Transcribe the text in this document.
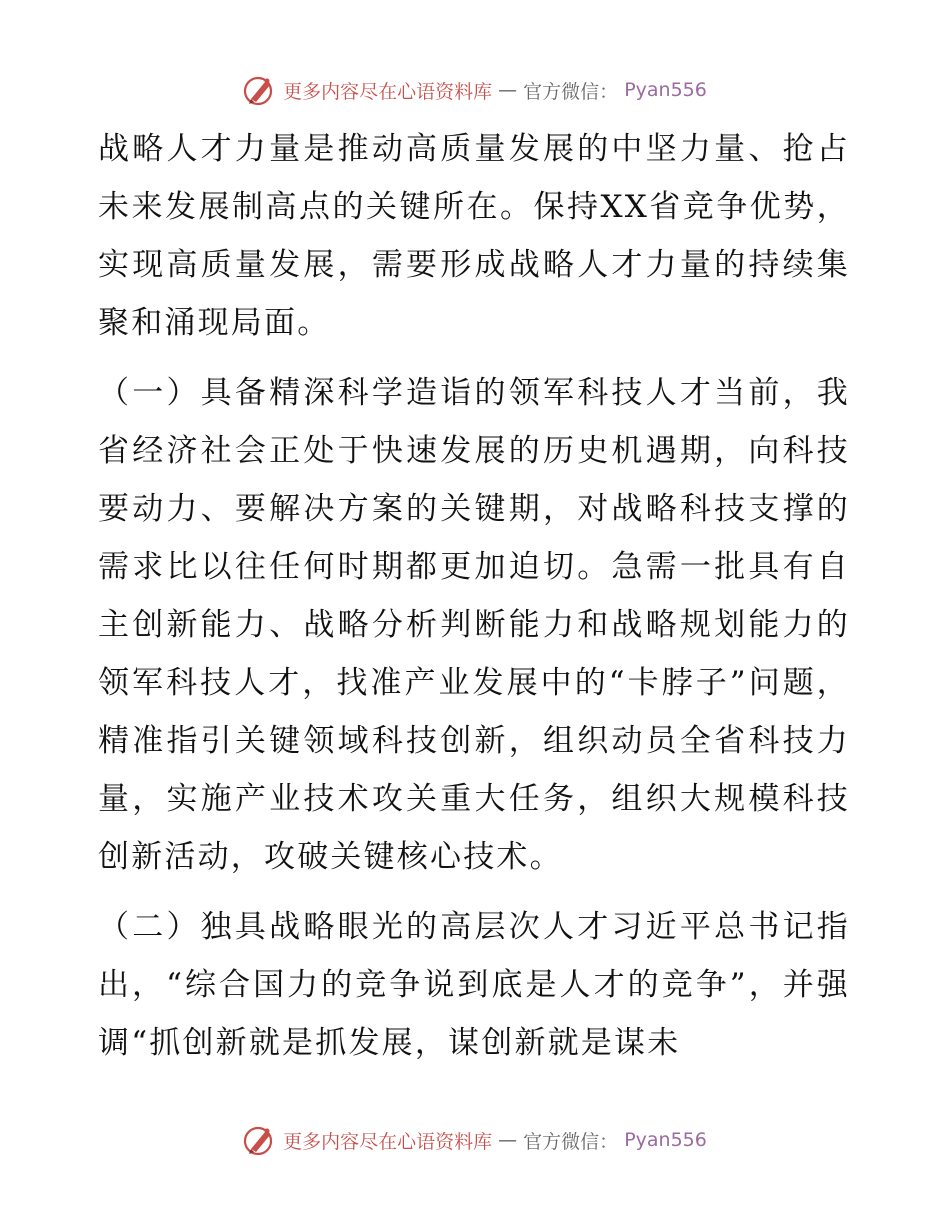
更多内容尽在心语资料库 — 官方微信： Pyan556

战略人才力量是推动高质量发展的中坚力量、抢占未来发展制高点的关键所在。保持XX省竞争优势，实现高质量发展，需要形成战略人才力量的持续集聚和涌现局面。

（一）具备精深科学造诣的领军科技人才当前，我省经济社会正处于快速发展的历史机遇期，向科技要动力、要解决方案的关键期，对战略科技支撑的需求比以往任何时期都更加迫切。急需一批具有自主创新能力、战略分析判断能力和战略规划能力的领军科技人才，找准产业发展中的“卡脖子”问题，精准指引关键领域科技创新，组织动员全省科技力量，实施产业技术攻关重大任务，组织大规模科技创新活动，攻破关键核心技术。

（二）独具战略眼光的高层次人才习近平总书记指出，“综合国力的竞争说到底是人才的竞争”，并强调“抓创新就是抓发展，谋创新就是谋未

更多内容尽在心语资料库 — 官方微信： Pyan556
